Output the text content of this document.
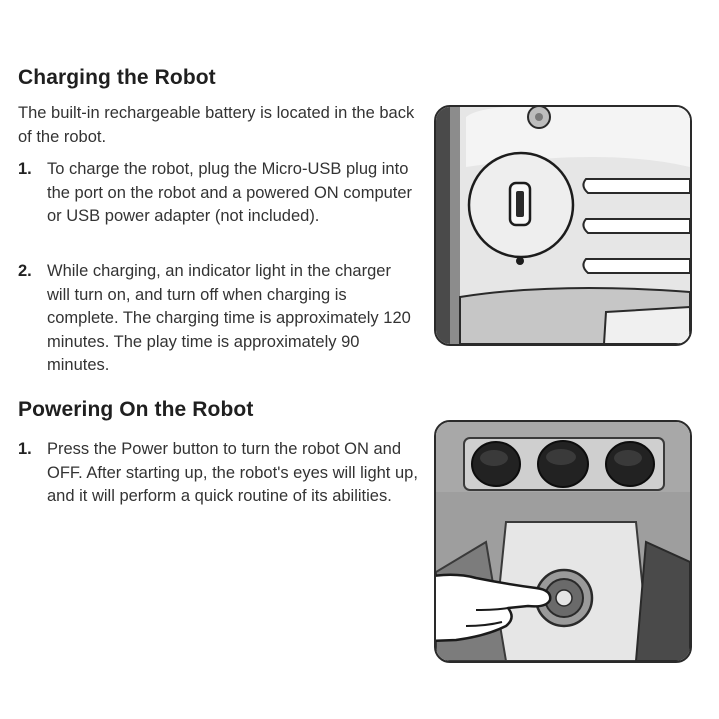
Charging the Robot

The built-in rechargeable battery is located in the back of the robot.

1. To charge the robot, plug the Micro-USB plug into the port on the robot and a powered ON computer or USB power adapter (not included).
2. While charging, an indicator light in the charger will turn on, and turn off when charging is complete. The charging time is approximately 120 minutes. The play time is approximately 90 minutes.
Powering On the Robot
1. Press the Power button to turn the robot ON and OFF. After starting up, the robot's eyes will light up, and it will perform a quick routine of its abilities.
